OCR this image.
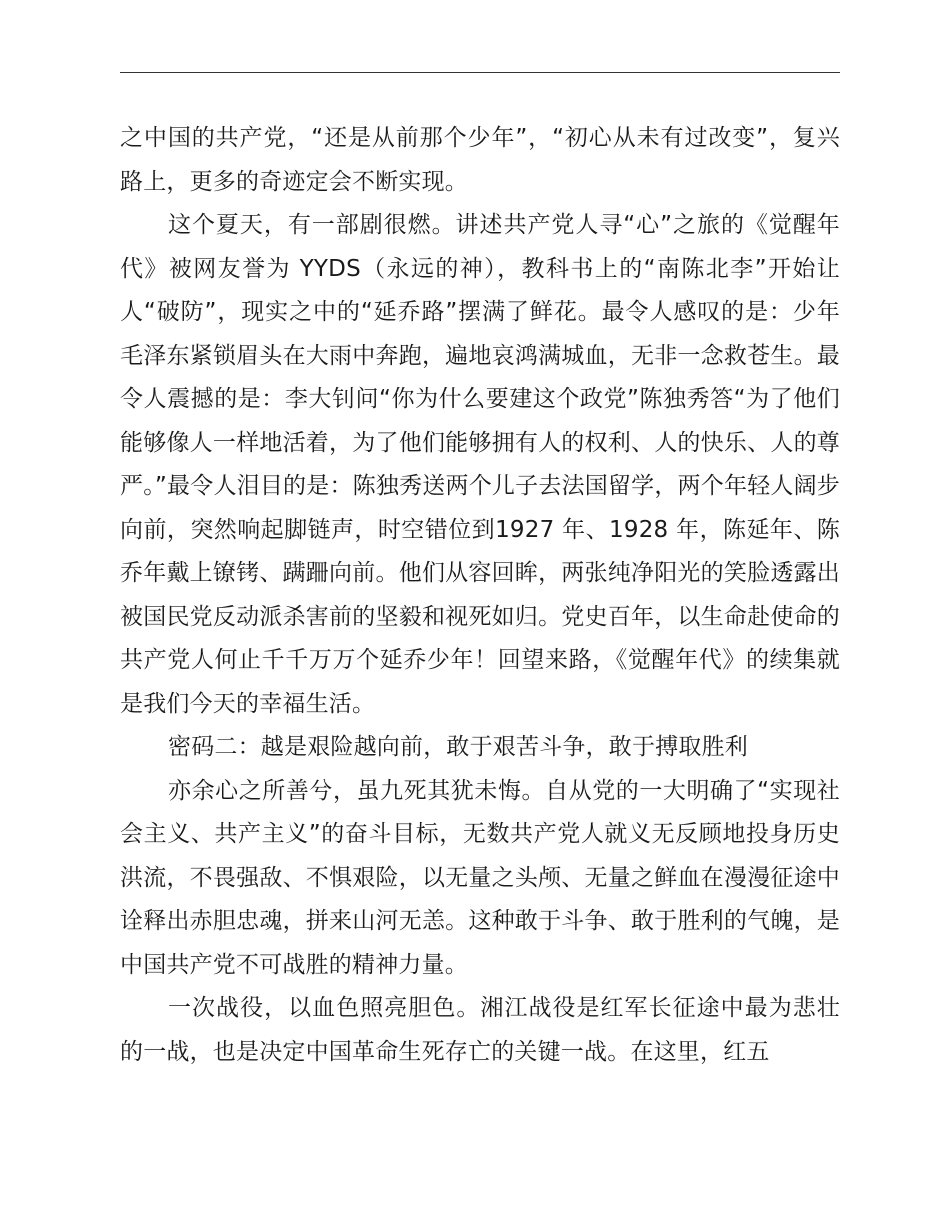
之中国的共产党，“还是从前那个少年”，“初心从未有过改变”，复兴路上，更多的奇迹定会不断实现。

这个夏天，有一部剧很燃。讲述共产党人寻“心”之旅的《觉醒年代》被网友誉为 YYDS（永远的神），教科书上的“南陈北李”开始让人“破防”，现实之中的“延乔路”摆满了鲜花。最令人感叹的是：少年毛泽东紧锁眉头在大雨中奔跑，遍地哀鸿满城血，无非一念救苍生。最令人震撼的是：李大钊问“你为什么要建这个政党”陈独秀答“为了他们能够像人一样地活着，为了他们能够拥有人的权利、人的快乐、人的尊严。”最令人泪目的是：陈独秀送两个儿子去法国留学，两个年轻人阔步向前，突然响起脚链声，时空错位到1927 年、1928 年，陈延年、陈乔年戴上镣铐、蹒跚向前。他们从容回眸，两张纯净阳光的笑脸透露出被国民党反动派杀害前的坚毅和视死如归。党史百年，以生命赴使命的共产党人何止千千万万个延乔少年！回望来路，《觉醒年代》的续集就是我们今天的幸福生活。

密码二：越是艰险越向前，敢于艰苦斗争，敢于搏取胜利

亦余心之所善兮，虽九死其犹未悔。自从党的一大明确了“实现社会主义、共产主义”的奋斗目标，无数共产党人就义无反顾地投身历史洪流，不畏强敌、不惧艰险，以无量之头颅、无量之鲜血在漫漫征途中诠释出赤胆忠魂，拼来山河无恙。这种敢于斗争、敢于胜利的气魄，是中国共产党不可战胜的精神力量。

一次战役，以血色照亮胆色。湘江战役是红军长征途中最为悲壮的一战，也是决定中国革命生死存亡的关键一战。在这里，红五
